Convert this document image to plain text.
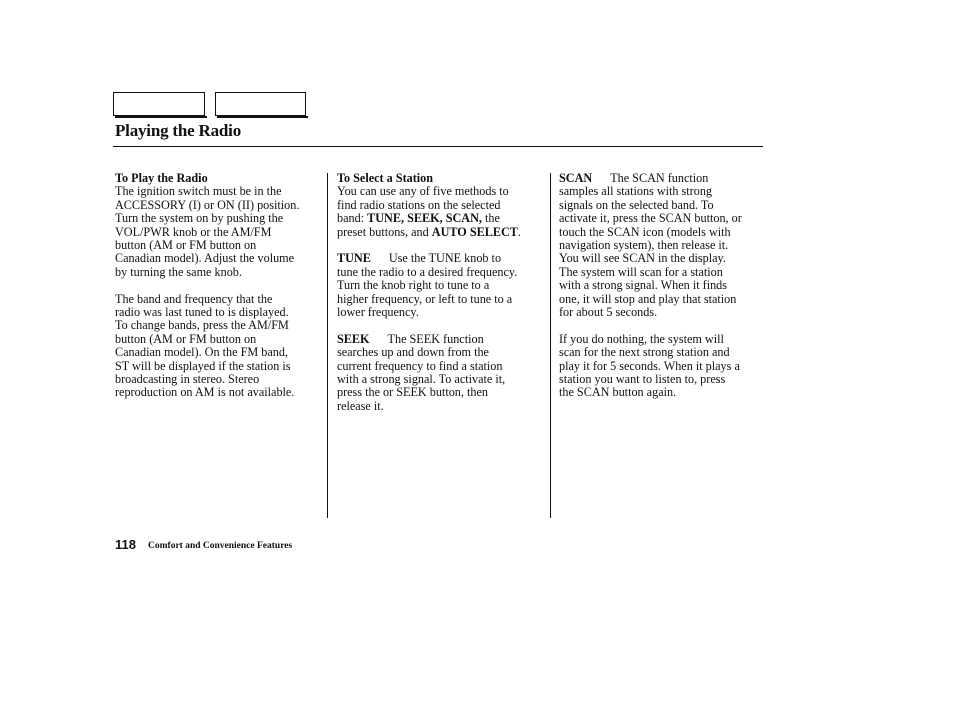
Playing the Radio

To Play the Radio

The ignition switch must be in the
ACCESSORY (I) or ON (II) position.
Turn the system on by pushing the
VOL/PWR knob or the AM/FM
button (AM or FM button on
Canadian model). Adjust the volume
by turning the same knob.

The band and frequency that the
radio was last tuned to is displayed.
To change bands, press the AM/FM
button (AM or FM button on
Canadian model). On the FM band,
ST will be displayed if the station is
broadcasting in stereo. Stereo
reproduction on AM is not available.

To Select a Station

You can use any of five methods to
find radio stations on the selected
band: TUNE, SEEK, SCAN, the
preset buttons, and AUTO SELECT.

TUNE Use the TUNE knob to
tune the radio to a desired frequency.
Turn the knob right to tune to a
higher frequency, or left to tune to a
lower frequency.

SEEK The SEEK function
searches up and down from the
current frequency to find a station
with a strong signal. To activate it,
press the or SEEK button, then
release it.

SCAN The SCAN function
samples all stations with strong
signals on the selected band. To
activate it, press the SCAN button, or
touch the SCAN icon (models with
navigation system), then release it.
You will see SCAN in the display.
The system will scan for a station
with a strong signal. When it finds
one, it will stop and play that station
for about 5 seconds.

If you do nothing, the system will
scan for the next strong station and
play it for 5 seconds. When it plays a
station you want to listen to, press
the SCAN button again.

118 Comfort and Convenience Features
